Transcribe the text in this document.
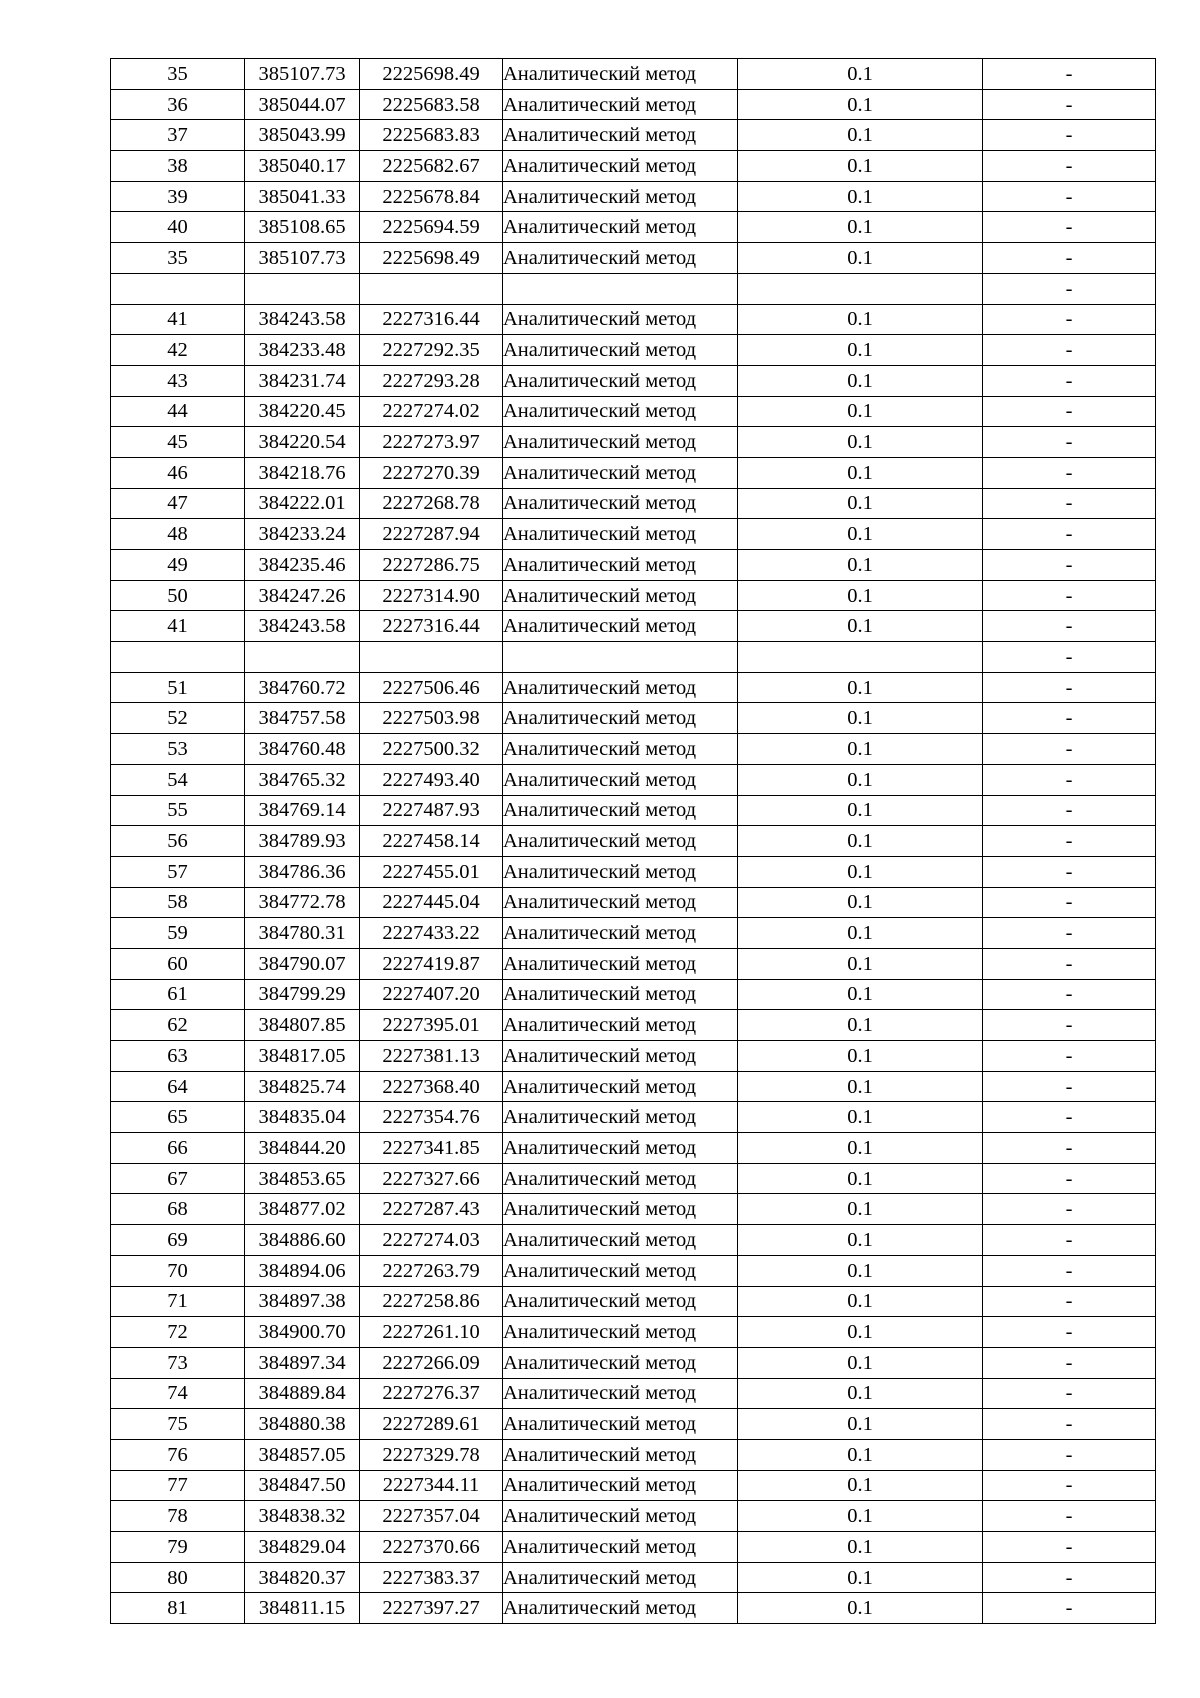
35	385107.73	2225698.49	Аналитический метод	0.1	-
36	385044.07	2225683.58	Аналитический метод	0.1	-
37	385043.99	2225683.83	Аналитический метод	0.1	-
38	385040.17	2225682.67	Аналитический метод	0.1	-
39	385041.33	2225678.84	Аналитический метод	0.1	-
40	385108.65	2225694.59	Аналитический метод	0.1	-
35	385107.73	2225698.49	Аналитический метод	0.1	-
					-
41	384243.58	2227316.44	Аналитический метод	0.1	-
42	384233.48	2227292.35	Аналитический метод	0.1	-
43	384231.74	2227293.28	Аналитический метод	0.1	-
44	384220.45	2227274.02	Аналитический метод	0.1	-
45	384220.54	2227273.97	Аналитический метод	0.1	-
46	384218.76	2227270.39	Аналитический метод	0.1	-
47	384222.01	2227268.78	Аналитический метод	0.1	-
48	384233.24	2227287.94	Аналитический метод	0.1	-
49	384235.46	2227286.75	Аналитический метод	0.1	-
50	384247.26	2227314.90	Аналитический метод	0.1	-
41	384243.58	2227316.44	Аналитический метод	0.1	-
					-
51	384760.72	2227506.46	Аналитический метод	0.1	-
52	384757.58	2227503.98	Аналитический метод	0.1	-
53	384760.48	2227500.32	Аналитический метод	0.1	-
54	384765.32	2227493.40	Аналитический метод	0.1	-
55	384769.14	2227487.93	Аналитический метод	0.1	-
56	384789.93	2227458.14	Аналитический метод	0.1	-
57	384786.36	2227455.01	Аналитический метод	0.1	-
58	384772.78	2227445.04	Аналитический метод	0.1	-
59	384780.31	2227433.22	Аналитический метод	0.1	-
60	384790.07	2227419.87	Аналитический метод	0.1	-
61	384799.29	2227407.20	Аналитический метод	0.1	-
62	384807.85	2227395.01	Аналитический метод	0.1	-
63	384817.05	2227381.13	Аналитический метод	0.1	-
64	384825.74	2227368.40	Аналитический метод	0.1	-
65	384835.04	2227354.76	Аналитический метод	0.1	-
66	384844.20	2227341.85	Аналитический метод	0.1	-
67	384853.65	2227327.66	Аналитический метод	0.1	-
68	384877.02	2227287.43	Аналитический метод	0.1	-
69	384886.60	2227274.03	Аналитический метод	0.1	-
70	384894.06	2227263.79	Аналитический метод	0.1	-
71	384897.38	2227258.86	Аналитический метод	0.1	-
72	384900.70	2227261.10	Аналитический метод	0.1	-
73	384897.34	2227266.09	Аналитический метод	0.1	-
74	384889.84	2227276.37	Аналитический метод	0.1	-
75	384880.38	2227289.61	Аналитический метод	0.1	-
76	384857.05	2227329.78	Аналитический метод	0.1	-
77	384847.50	2227344.11	Аналитический метод	0.1	-
78	384838.32	2227357.04	Аналитический метод	0.1	-
79	384829.04	2227370.66	Аналитический метод	0.1	-
80	384820.37	2227383.37	Аналитический метод	0.1	-
81	384811.15	2227397.27	Аналитический метод	0.1	-
